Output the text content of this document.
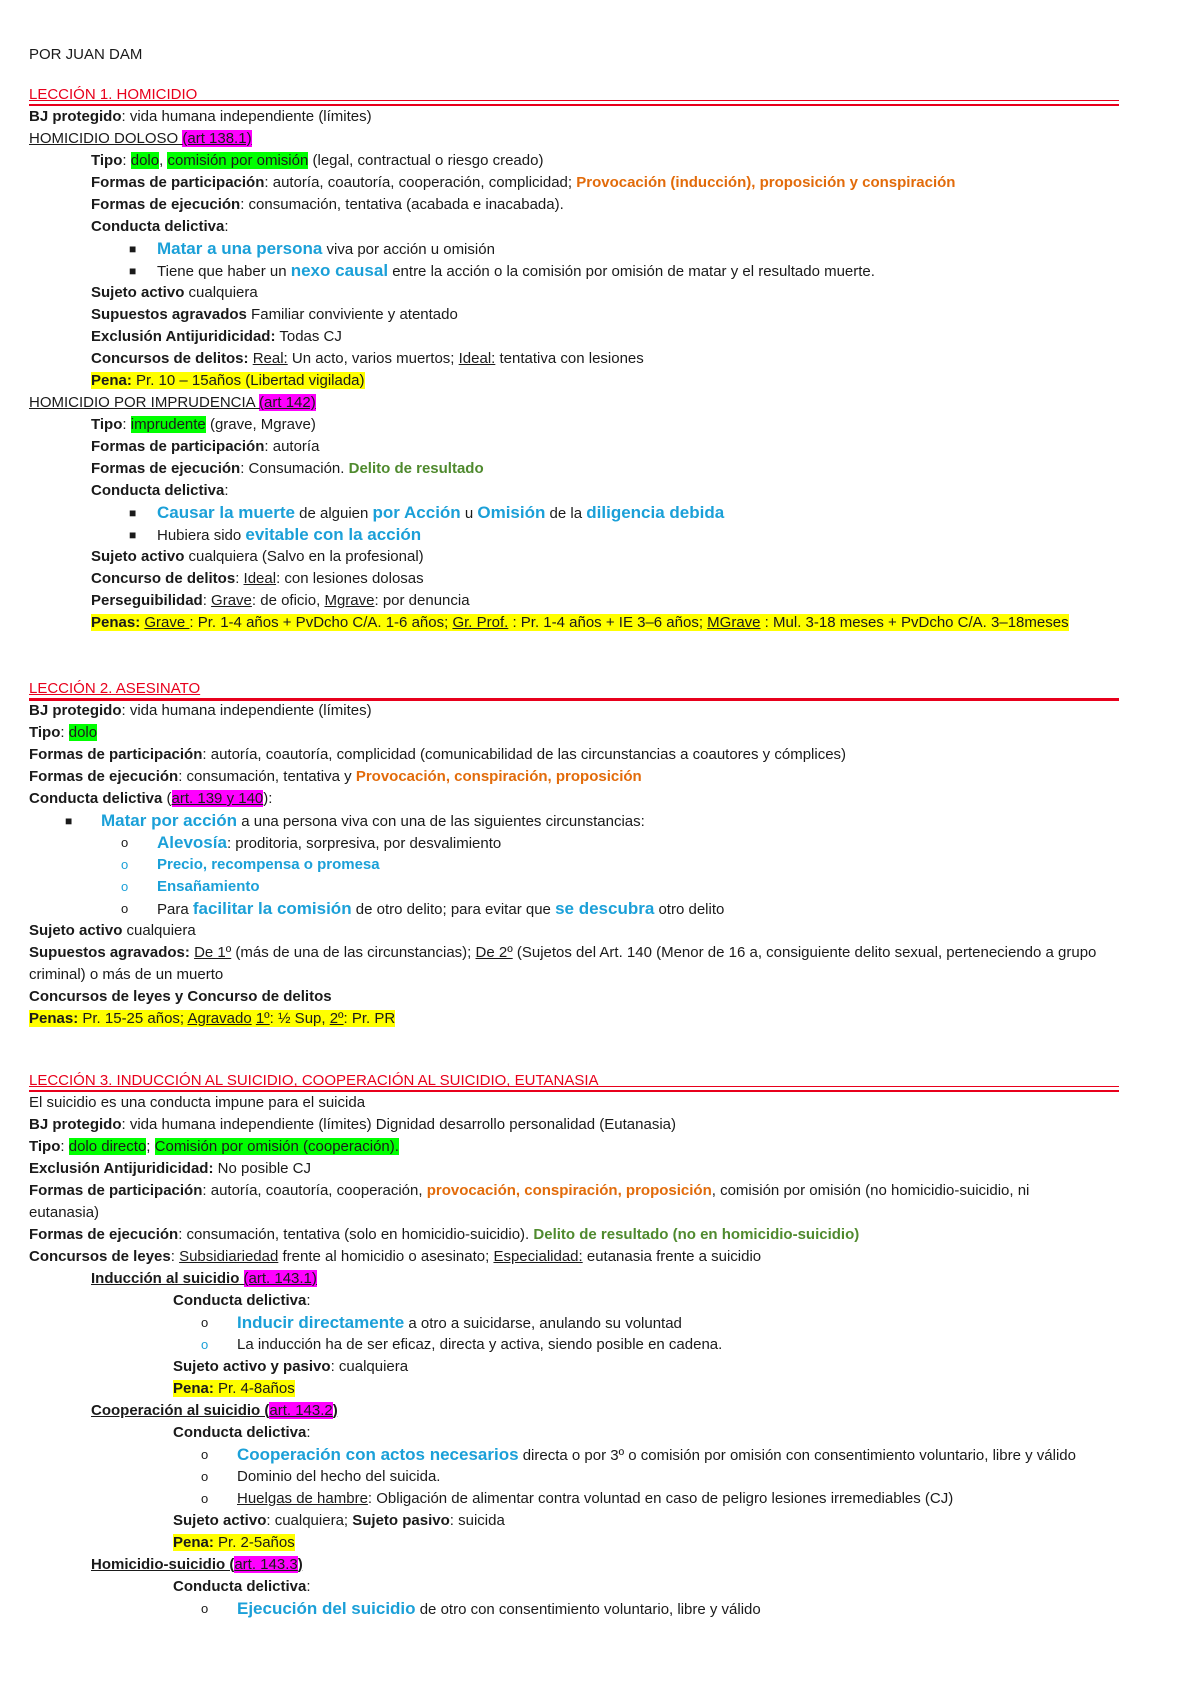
POR JUAN DAM
LECCIÓN 1. HOMICIDIO
BJ protegido: vida humana independiente (límites)
HOMICIDIO DOLOSO (art 138.1)
Tipo: dolo, comisión por omisión (legal, contractual o riesgo creado)
Formas de participación: autoría, coautoría, cooperación, complicidad; Provocación (inducción), proposición y conspiración
Formas de ejecución: consumación, tentativa (acabada e inacabada).
Conducta delictiva:
■ Matar a una persona viva por acción u omisión
■ Tiene que haber un nexo causal entre la acción o la comisión por omisión de matar y el resultado muerte.
Sujeto activo cualquiera
Supuestos agravados Familiar conviviente y atentado
Exclusión Antijuridicidad: Todas CJ
Concursos de delitos: Real: Un acto, varios muertos; Ideal: tentativa con lesiones
Pena: Pr. 10 – 15años (Libertad vigilada)
HOMICIDIO POR IMPRUDENCIA (art 142)
Tipo: imprudente (grave, Mgrave)
Formas de participación: autoría
Formas de ejecución: Consumación. Delito de resultado
Conducta delictiva:
■ Causar la muerte de alguien por Acción u Omisión de la diligencia debida
■ Hubiera sido evitable con la acción
Sujeto activo cualquiera (Salvo en la profesional)
Concurso de delitos: Ideal: con lesiones dolosas
Perseguibilidad: Grave: de oficio, Mgrave: por denuncia
Penas: Grave : Pr. 1-4 años + PvDcho C/A. 1-6 años; Gr. Prof. : Pr. 1-4 años + IE 3–6 años; MGrave : Mul. 3-18 meses + PvDcho C/A. 3–18meses
LECCIÓN 2. ASESINATO
BJ protegido: vida humana independiente (límites)
Tipo: dolo
Formas de participación: autoría, coautoría, complicidad (comunicabilidad de las circunstancias a coautores y cómplices)
Formas de ejecución: consumación, tentativa y Provocación, conspiración, proposición
Conducta delictiva (art. 139 y 140):
■ Matar por acción a una persona viva con una de las siguientes circunstancias:
o Alevosía: proditoria, sorpresiva, por desvalimiento
o Precio, recompensa o promesa
o Ensañamiento
o Para facilitar la comisión de otro delito; para evitar que se descubra otro delito
Sujeto activo cualquiera
Supuestos agravados: De 1º (más de una de las circunstancias); De 2º (Sujetos del Art. 140 (Menor de 16 a, consiguiente delito sexual, perteneciendo a grupo criminal) o más de un muerto
Concursos de leyes y Concurso de delitos
Penas: Pr. 15-25 años; Agravado 1º: ½ Sup, 2º: Pr. PR
LECCIÓN 3. INDUCCIÓN AL SUICIDIO, COOPERACIÓN AL SUICIDIO, EUTANASIA
El suicidio es una conducta impune para el suicida
BJ protegido: vida humana independiente (límites) Dignidad desarrollo personalidad (Eutanasia)
Tipo: dolo directo; Comisión por omisión (cooperación).
Exclusión Antijuridicidad: No posible CJ
Formas de participación: autoría, coautoría, cooperación, provocación, conspiración, proposición, comisión por omisión (no homicidio-suicidio, ni eutanasia)
Formas de ejecución: consumación, tentativa (solo en homicidio-suicidio). Delito de resultado (no en homicidio-suicidio)
Concursos de leyes: Subsidiariedad frente al homicidio o asesinato; Especialidad: eutanasia frente a suicidio
Inducción al suicidio (art. 143.1)
Conducta delictiva:
o Inducir directamente a otro a suicidarse, anulando su voluntad
o La inducción ha de ser eficaz, directa y activa, siendo posible en cadena.
Sujeto activo y pasivo: cualquiera
Pena: Pr. 4-8años
Cooperación al suicidio (art. 143.2)
Conducta delictiva:
o Cooperación con actos necesarios directa o por 3º o comisión por omisión con consentimiento voluntario, libre y válido
o Dominio del hecho del suicida.
o Huelgas de hambre: Obligación de alimentar contra voluntad en caso de peligro lesiones irremediables (CJ)
Sujeto activo: cualquiera; Sujeto pasivo: suicida
Pena: Pr. 2-5años
Homicidio-suicidio (art. 143.3)
Conducta delictiva:
o Ejecución del suicidio de otro con consentimiento voluntario, libre y válido
